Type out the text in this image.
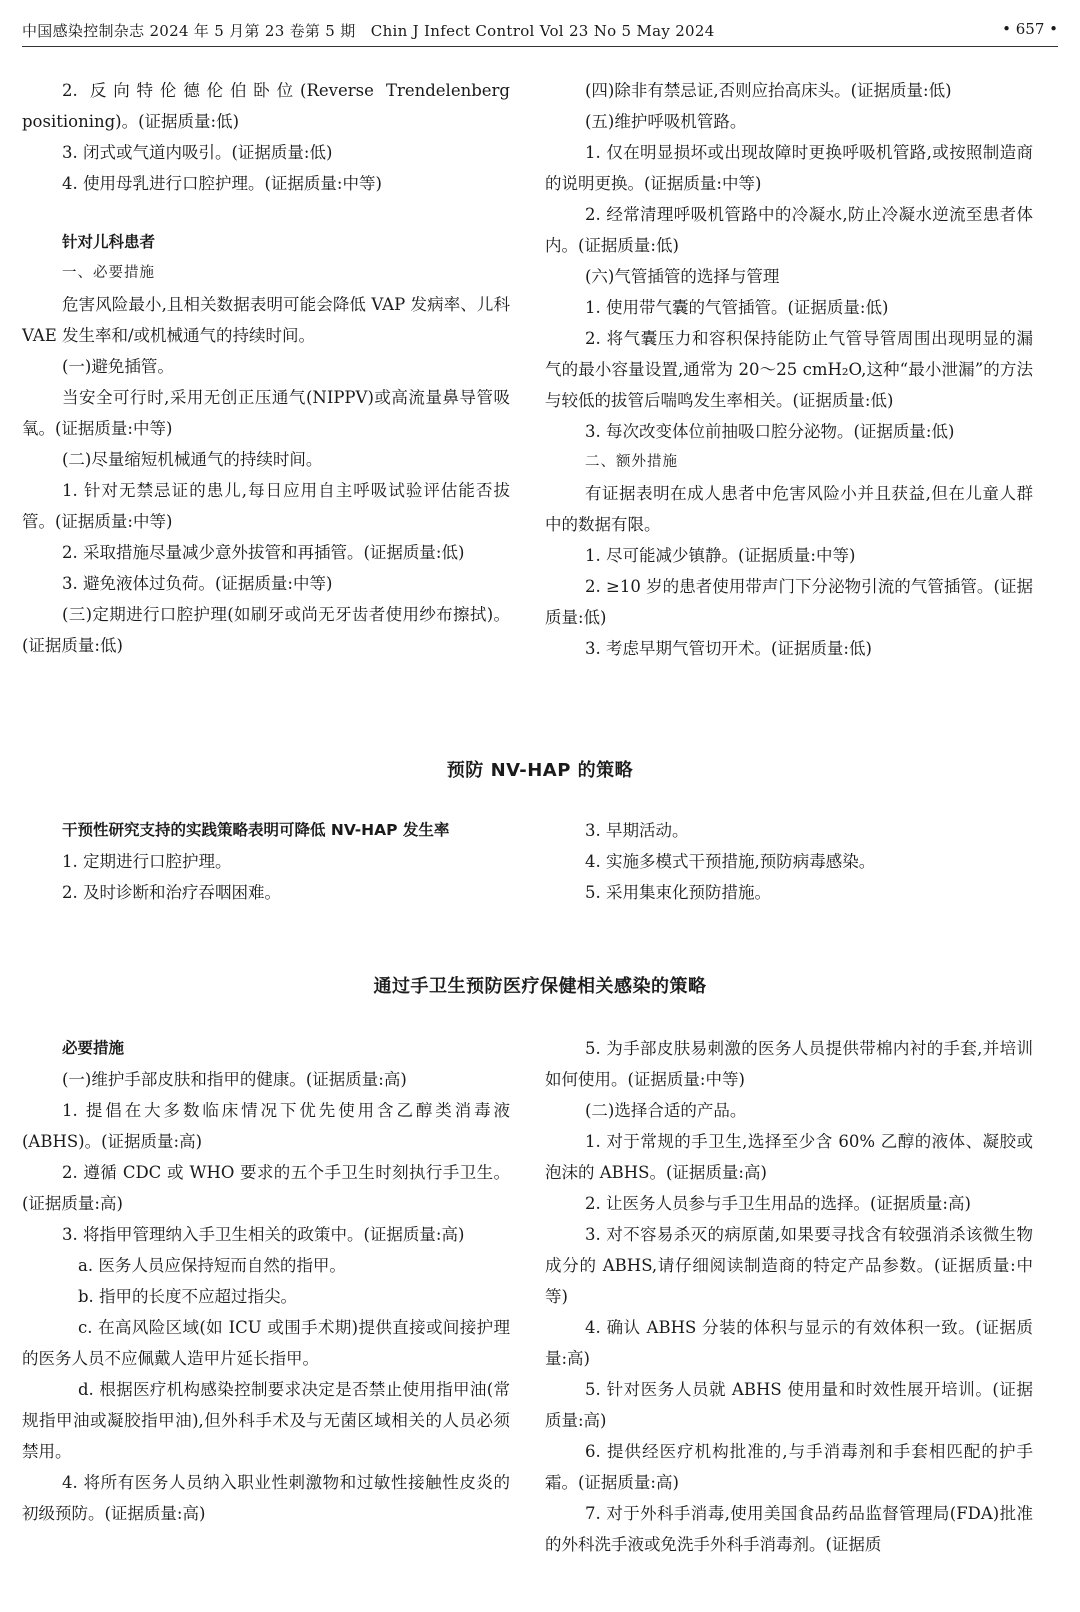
中国感染控制杂志 2024 年 5 月第 23 卷第 5 期　Chin J Infect Control Vol 23 No 5 May 2024	• 657 •

2. 反向特伦德伦伯卧位(Reverse Trendelenberg positioning)。(证据质量:低)

3. 闭式或气道内吸引。(证据质量:低)

4. 使用母乳进行口腔护理。(证据质量:中等)

针对儿科患者

一、必要措施

危害风险最小,且相关数据表明可能会降低 VAP 发病率、儿科 VAE 发生率和/或机械通气的持续时间。

(一)避免插管。

当安全可行时,采用无创正压通气(NIPPV)或高流量鼻导管吸氧。(证据质量:中等)

(二)尽量缩短机械通气的持续时间。

1. 针对无禁忌证的患儿,每日应用自主呼吸试验评估能否拔管。(证据质量:中等)

2. 采取措施尽量减少意外拔管和再插管。(证据质量:低)

3. 避免液体过负荷。(证据质量:中等)

(三)定期进行口腔护理(如刷牙或尚无牙齿者使用纱布擦拭)。(证据质量:低)

(四)除非有禁忌证,否则应抬高床头。(证据质量:低)

(五)维护呼吸机管路。

1. 仅在明显损坏或出现故障时更换呼吸机管路,或按照制造商的说明更换。(证据质量:中等)

2. 经常清理呼吸机管路中的冷凝水,防止冷凝水逆流至患者体内。(证据质量:低)

(六)气管插管的选择与管理

1. 使用带气囊的气管插管。(证据质量:低)

2. 将气囊压力和容积保持能防止气管导管周围出现明显的漏气的最小容量设置,通常为 20～25 cmH₂O,这种“最小泄漏”的方法与较低的拔管后喘鸣发生率相关。(证据质量:低)

3. 每次改变体位前抽吸口腔分泌物。(证据质量:低)

二、额外措施

有证据表明在成人患者中危害风险小并且获益,但在儿童人群中的数据有限。

1. 尽可能减少镇静。(证据质量:中等)

2. ≥10 岁的患者使用带声门下分泌物引流的气管插管。(证据质量:低)

3. 考虑早期气管切开术。(证据质量:低)

预防 NV-HAP 的策略

干预性研究支持的实践策略表明可降低 NV-HAP 发生率

1. 定期进行口腔护理。

2. 及时诊断和治疗吞咽困难。

3. 早期活动。

4. 实施多模式干预措施,预防病毒感染。

5. 采用集束化预防措施。

通过手卫生预防医疗保健相关感染的策略

必要措施

(一)维护手部皮肤和指甲的健康。(证据质量:高)

1. 提倡在大多数临床情况下优先使用含乙醇类消毒液(ABHS)。(证据质量:高)

2. 遵循 CDC 或 WHO 要求的五个手卫生时刻执行手卫生。(证据质量:高)

3. 将指甲管理纳入手卫生相关的政策中。(证据质量:高)

a. 医务人员应保持短而自然的指甲。

b. 指甲的长度不应超过指尖。

c. 在高风险区域(如 ICU 或围手术期)提供直接或间接护理的医务人员不应佩戴人造甲片延长指甲。

d. 根据医疗机构感染控制要求决定是否禁止使用指甲油(常规指甲油或凝胶指甲油),但外科手术及与无菌区域相关的人员必须禁用。

4. 将所有医务人员纳入职业性刺激物和过敏性接触性皮炎的初级预防。(证据质量:高)

5. 为手部皮肤易刺激的医务人员提供带棉内衬的手套,并培训如何使用。(证据质量:中等)

(二)选择合适的产品。

1. 对于常规的手卫生,选择至少含 60% 乙醇的液体、凝胶或泡沫的 ABHS。(证据质量:高)

2. 让医务人员参与手卫生用品的选择。(证据质量:高)

3. 对不容易杀灭的病原菌,如果要寻找含有较强消杀该微生物成分的 ABHS,请仔细阅读制造商的特定产品参数。(证据质量:中等)

4. 确认 ABHS 分装的体积与显示的有效体积一致。(证据质量:高)

5. 针对医务人员就 ABHS 使用量和时效性展开培训。(证据质量:高)

6. 提供经医疗机构批准的,与手消毒剂和手套相匹配的护手霜。(证据质量:高)

7. 对于外科手消毒,使用美国食品药品监督管理局(FDA)批准的外科洗手液或免洗手外科手消毒剂。(证据质
